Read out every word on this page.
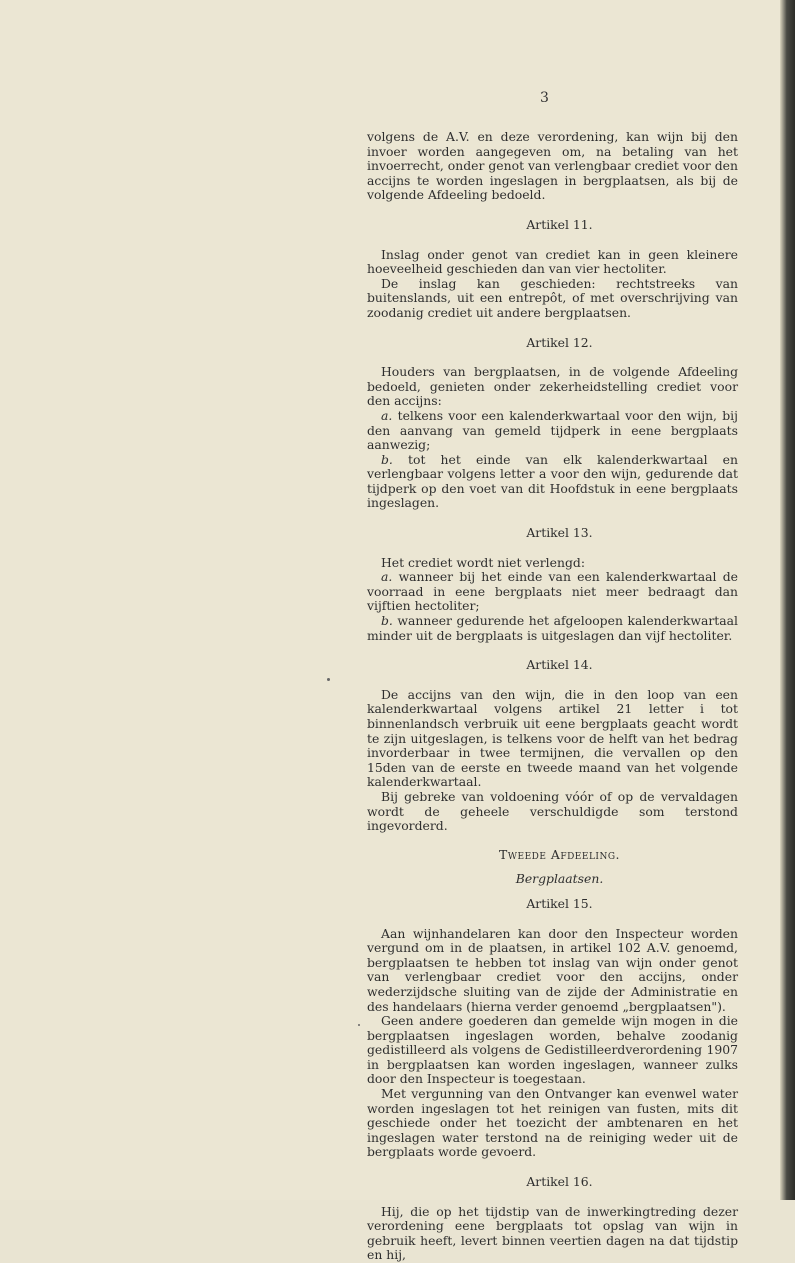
3

volgens de A.V. en deze verordening, kan wijn bij den invoer worden aangegeven om, na betaling van het invoerrecht, onder genot van verlengbaar crediet voor den accijns te worden ingeslagen in bergplaatsen, als bij de volgende Afdeeling bedoeld.

Artikel 11.

Inslag onder genot van crediet kan in geen kleinere hoeveelheid geschieden dan van vier hectoliter.

De inslag kan geschieden: rechtstreeks van buitenslands, uit een entrepôt, of met overschrijving van zoodanig crediet uit andere bergplaatsen.

Artikel 12.

Houders van bergplaatsen, in de volgende Afdeeling bedoeld, genieten onder zekerheidstelling crediet voor den accijns:

a. telkens voor een kalenderkwartaal voor den wijn, bij den aanvang van gemeld tijdperk in eene bergplaats aanwezig;

b. tot het einde van elk kalenderkwartaal en verlengbaar volgens letter a voor den wijn, gedurende dat tijdperk op den voet van dit Hoofdstuk in eene bergplaats ingeslagen.

Artikel 13.

Het crediet wordt niet verlengd:

a. wanneer bij het einde van een kalenderkwartaal de voorraad in eene bergplaats niet meer bedraagt dan vijftien hectoliter;

b. wanneer gedurende het afgeloopen kalenderkwartaal minder uit de bergplaats is uitgeslagen dan vijf hectoliter.

Artikel 14.

De accijns van den wijn, die in den loop van een kalenderkwartaal volgens artikel 21 letter i tot binnenlandsch verbruik uit eene bergplaats geacht wordt te zijn uitgeslagen, is telkens voor de helft van het bedrag invorderbaar in twee termijnen, die vervallen op den 15den van de eerste en tweede maand van het volgende kalenderkwartaal.

Bij gebreke van voldoening vóór of op de vervaldagen wordt de geheele verschuldigde som terstond ingevorderd.

Tweede Afdeeling.

Bergplaatsen.

Artikel 15.

Aan wijnhandelaren kan door den Inspecteur worden vergund om in de plaatsen, in artikel 102 A.V. genoemd, bergplaatsen te hebben tot inslag van wijn onder genot van verlengbaar crediet voor den accijns, onder wederzijdsche sluiting van de zijde der Administratie en des handelaars (hierna verder genoemd „bergplaatsen").

Geen andere goederen dan gemelde wijn mogen in die bergplaatsen ingeslagen worden, behalve zoodanig gedistilleerd als volgens de Gedistilleerdverordening 1907 in bergplaatsen kan worden ingeslagen, wanneer zulks door den Inspecteur is toegestaan.

Met vergunning van den Ontvanger kan evenwel water worden ingeslagen tot het reinigen van fusten, mits dit geschiede onder het toezicht der ambtenaren en het ingeslagen water terstond na de reiniging weder uit de bergplaats worde gevoerd.

Artikel 16.

Hij, die op het tijdstip van de inwerkingtreding dezer verordening eene bergplaats tot opslag van wijn in gebruik heeft, levert binnen veertien dagen na dat tijdstip en hij,
